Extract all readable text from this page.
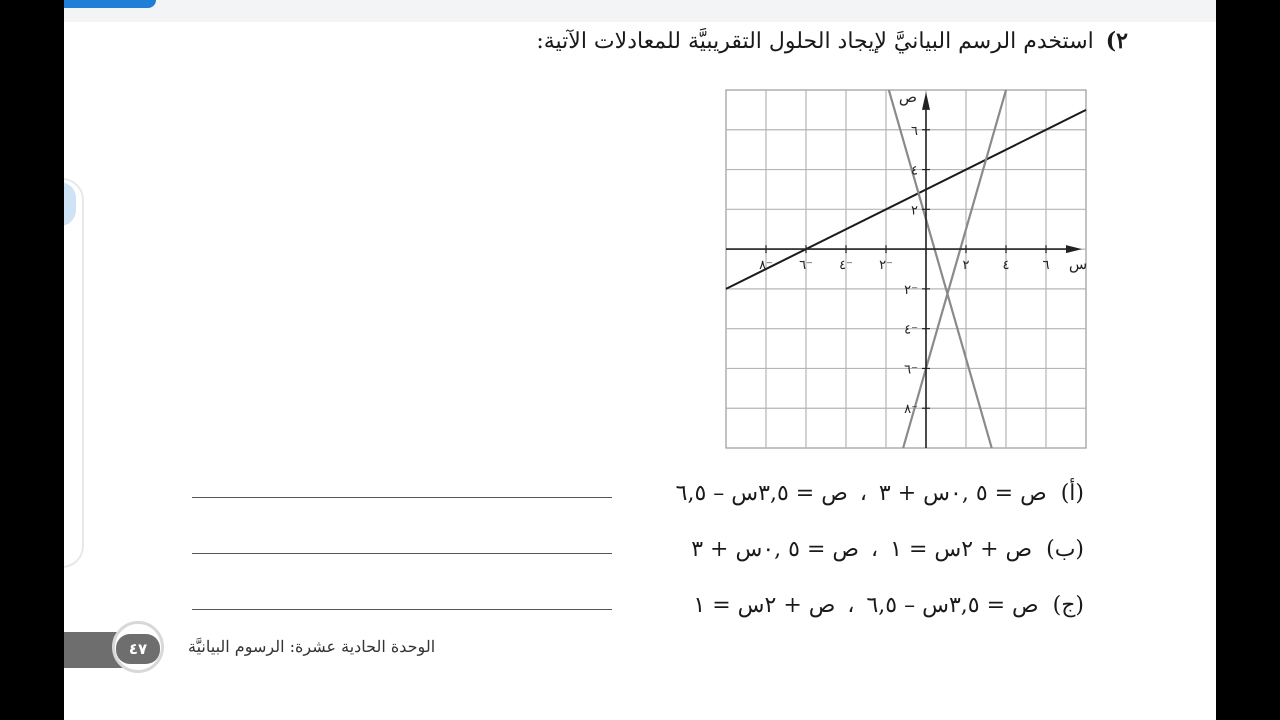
٢)استخدم الرسم البيانيَّ لإيجاد الحلول التقريبيَّة للمعادلات الآتية:
س
ص
٨⁻ ٦⁻ ٤⁻ ٢⁻	٢	٤	٦
٦
٤
٢
٢⁻
٤⁻
٦⁻
٨⁻
(أ)ص = ٥ ,٠س + ٣،ص = ٣,٥س – ٦,٥
(ب)ص + ٢س = ١،ص = ٥ ,٠س + ٣
(ج)ص = ٣,٥س – ٦,٥،ص + ٢س = ١
٤٧	الوحدة الحادية عشرة: الرسوم البيانيَّة
